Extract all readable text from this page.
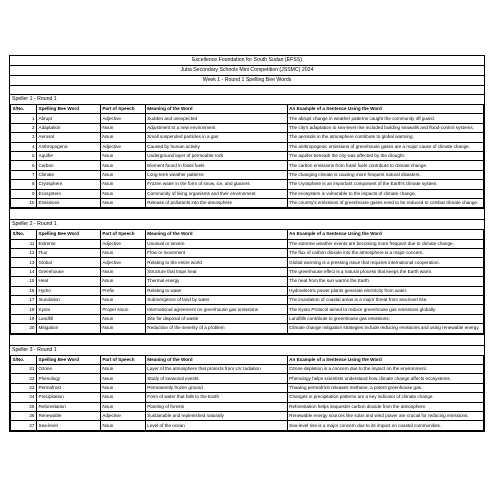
Excellence Foundation for South Sudan (EFSS)
Juba Secondary Schools Mini Competition (JSSMC) 2024
Week 1 - Round 1 Spelling Bee Words
Speller 1 - Round 1
S/No.	Spelling Bee Word	Part of Speech	Meaning of the Word	An Example of a Sentence Using the Word
1	Abrupt	Adjective	Sudden and unexpected	The abrupt change in weather patterns caught the community off guard.
2	Adaptation	Noun	Adjustment to a new environment	The city's adaptation to sea-level rise included building seawalls and flood-control systems.
3	Aerosol	Noun	Small suspended particles in a gas	The aerosols in the atmosphere contribute to global warming.
4	Anthropogenic	Adjective	Caused by human activity	The anthropogenic emissions of greenhouse gases are a major cause of climate change.
5	Aquifer	Noun	Underground layer of permeable rock	The aquifer beneath the city was affected by the drought.
6	Carbon	Noun	Element found in fossil fuels	The carbon emissions from fossil fuels contribute to climate change.
7	Climate	Noun	Long-term weather patterns	The changing climate is causing more frequent natural disasters.
8	Cryosphere	Noun	Frozen water in the form of snow, ice, and glaciers	The cryosphere is an important component of the Earth's climate system.
9	Ecosystem	Noun	Community of living organisms and their environment	The ecosystem is vulnerable to the impacts of climate change.
10	Emissions	Noun	Release of pollutants into the atmosphere	The country's emissions of greenhouse gases need to be reduced to combat climate change.
Speller 2 - Round 1
S/No.	Spelling Bee Word	Part of Speech	Meaning of the Word	An Example of a Sentence Using the Word
11	Extreme	Adjective	Unusual or severe	The extreme weather events are becoming more frequent due to climate change.
12	Flux	Noun	Flow or movement	The flux of carbon dioxide into the atmosphere is a major concern.
13	Global	Adjective	Relating to the entire world	Global warming is a pressing issue that requires international cooperation.
14	Greenhouse	Noun	Structure that traps heat	The greenhouse effect is a natural process that keeps the Earth warm.
15	Heat	Noun	Thermal energy	The heat from the sun warms the Earth.
16	Hydro	Prefix	Relating to water	Hydroelectric power plants generate electricity from water.
17	Inundation	Noun	Submergence of land by water	The inundation of coastal areas is a major threat from sea-level rise.
18	Kyoto	Proper Noun	International agreement on greenhouse gas emissions	The Kyoto Protocol aimed to reduce greenhouse gas emissions globally.
19	Landfill	Noun	Site for disposal of waste	Landfills contribute to greenhouse gas emissions.
20	Mitigation	Noun	Reduction of the severity of a problem	Climate change mitigation strategies include reducing emissions and using renewable energy.
Speller 3 - Round 1
S/No.	Spelling Bee Word	Part of Speech	Meaning of the Word	An Example of a Sentence Using the Word
21	Ozone	Noun	Layer of the atmosphere that protects from UV radiation	Ozone depletion is a concern due to the impact on the environment.
22	Phenology	Noun	Study of seasonal events	Phenology helps scientists understand how climate change affects ecosystems.
23	Permafrost	Noun	Permanently frozen ground	Thawing permafrost releases methane, a potent greenhouse gas.
24	Precipitation	Noun	Form of water that falls to the Earth	Changes in precipitation patterns are a key indicator of climate change.
25	Reforestation	Noun	Planting of forests	Reforestation helps sequester carbon dioxide from the atmosphere.
26	Renewable	Adjective	Sustainable and replenished naturally	Renewable energy sources like solar and wind power are crucial for reducing emissions.
27	Sea-level	Noun	Level of the ocean	Sea-level rise is a major concern due to its impact on coastal communities.
